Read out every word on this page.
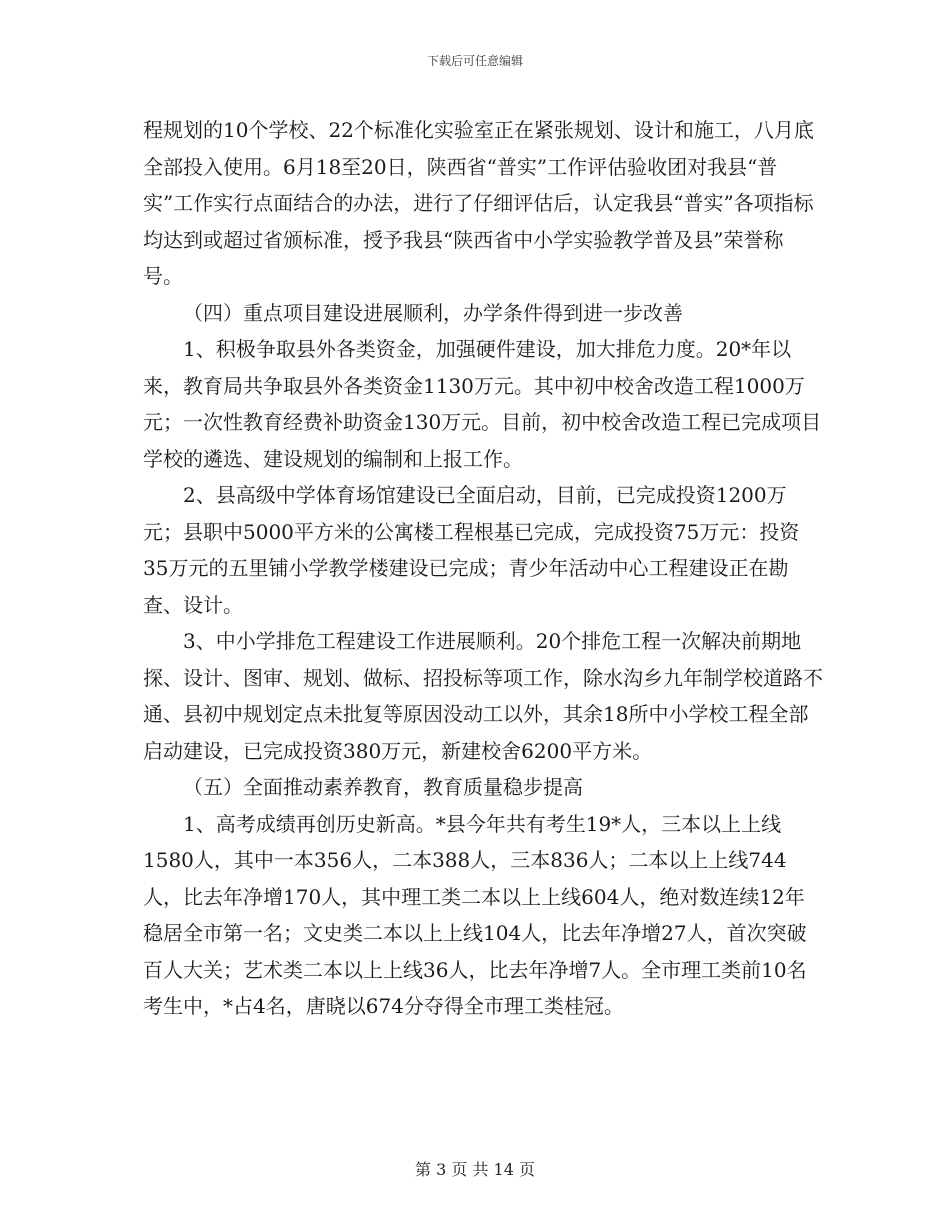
下载后可任意编辑

程规划的10个学校、22个标准化实验室正在紧张规划、设计和施工，八月底全部投入使用。6月18至20日，陕西省“普实”工作评估验收团对我县“普实”工作实行点面结合的办法，进行了仔细评估后，认定我县“普实”各项指标均达到或超过省颁标准，授予我县“陕西省中小学实验教学普及县”荣誉称号。

（四）重点项目建设进展顺利，办学条件得到进一步改善

1、积极争取县外各类资金，加强硬件建设，加大排危力度。20*年以来，教育局共争取县外各类资金1130万元。其中初中校舍改造工程1000万元；一次性教育经费补助资金130万元。目前，初中校舍改造工程已完成项目学校的遴选、建设规划的编制和上报工作。

2、县高级中学体育场馆建设已全面启动，目前，已完成投资1200万元；县职中5000平方米的公寓楼工程根基已完成，完成投资75万元：投资35万元的五里铺小学教学楼建设已完成；青少年活动中心工程建设正在勘查、设计。

3、中小学排危工程建设工作进展顺利。20个排危工程一次解决前期地探、设计、图审、规划、做标、招投标等项工作，除水沟乡九年制学校道路不通、县初中规划定点未批复等原因没动工以外，其余18所中小学校工程全部启动建设，已完成投资380万元，新建校舍6200平方米。

（五）全面推动素养教育，教育质量稳步提高

1、高考成绩再创历史新高。*县今年共有考生19*人，三本以上上线1580人，其中一本356人，二本388人，三本836人；二本以上上线744人，比去年净增170人，其中理工类二本以上上线604人，绝对数连续12年稳居全市第一名；文史类二本以上上线104人，比去年净增27人，首次突破百人大关；艺术类二本以上上线36人，比去年净增7人。全市理工类前10名考生中，*占4名，唐晓以674分夺得全市理工类桂冠。

第 3 页 共 14 页
